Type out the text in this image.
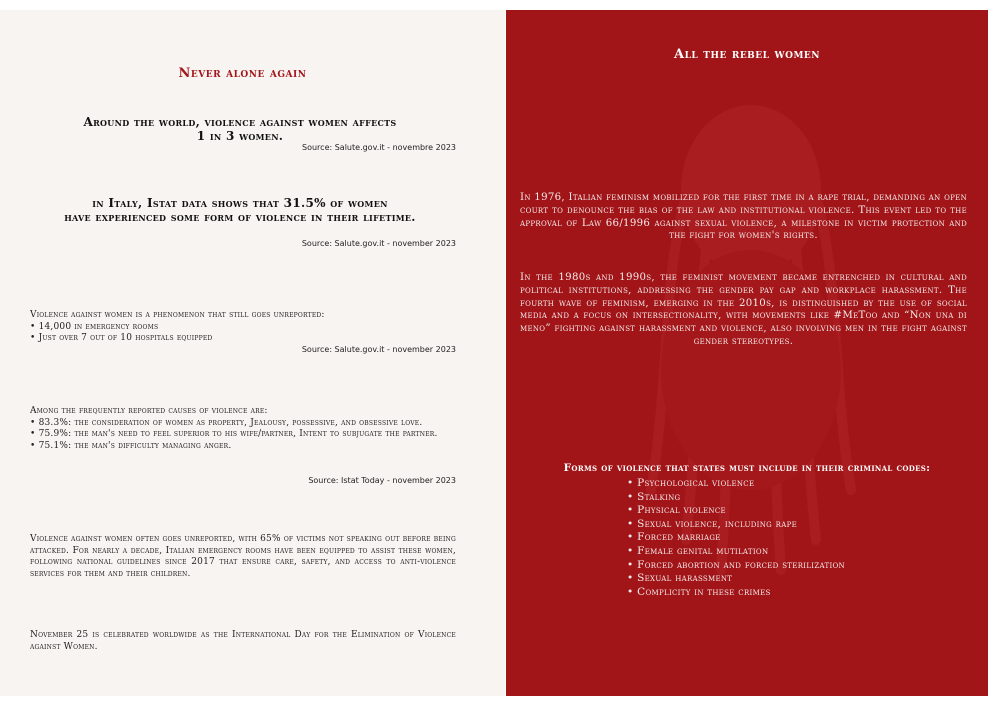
Never alone again
Around the world, violence against women affects
1 in 3 women.
Source: Salute.gov.it - novembre 2023
in Italy, Istat data shows that 31.5% of women
have experienced some form of violence in their lifetime.
Source: Salute.gov.it - november 2023

Violence against women is a phenomenon that still goes unreported:

• 14,000 in emergency rooms

• Just over 7 out of 10 hospitals equipped

Source: Salute.gov.it - november 2023

Among the frequently reported causes of violence are:

• 83.3%: the consideration of women as property, Jealousy, possessive, and obsessive love.

• 75.9%: the man's need to feel superior to his wife/partner, Intent to subjugate the partner.

• 75.1%: the man's difficulty managing anger.

Source: Istat Today - november 2023

Violence against women often goes unreported, with 65% of victims not speaking out before being attacked. For nearly a decade, Italian emergency rooms have been equipped to assist these women, following national guidelines since 2017 that ensure care, safety, and access to anti-violence services for them and their children.

November 25 is celebrated worldwide as the International Day for the Elimination of Violence against Women.

All the rebel women

In 1976, Italian feminism mobilized for the first time in a rape trial, demanding an open court to denounce the bias of the law and institutional violence. This event led to the approval of Law 66/1996 against sexual violence, a milestone in victim protection and the fight for women's rights.

In the 1980s and 1990s, the feminist movement became entrenched in cultural and political institutions, addressing the gender pay gap and workplace harassment. The fourth wave of feminism, emerging in the 2010s, is distinguished by the use of social media and a focus on intersectionality, with movements like #MeToo and “Non una di meno” fighting against harassment and violence, also involving men in the fight against gender stereotypes.

Forms of violence that states must include in their criminal codes:
• Psychological violence
• Stalking
• Physical violence
• Sexual violence, including rape
• Forced marriage
• Female genital mutilation
• Forced abortion and forced sterilization
• Sexual harassment
• Complicity in these crimes
